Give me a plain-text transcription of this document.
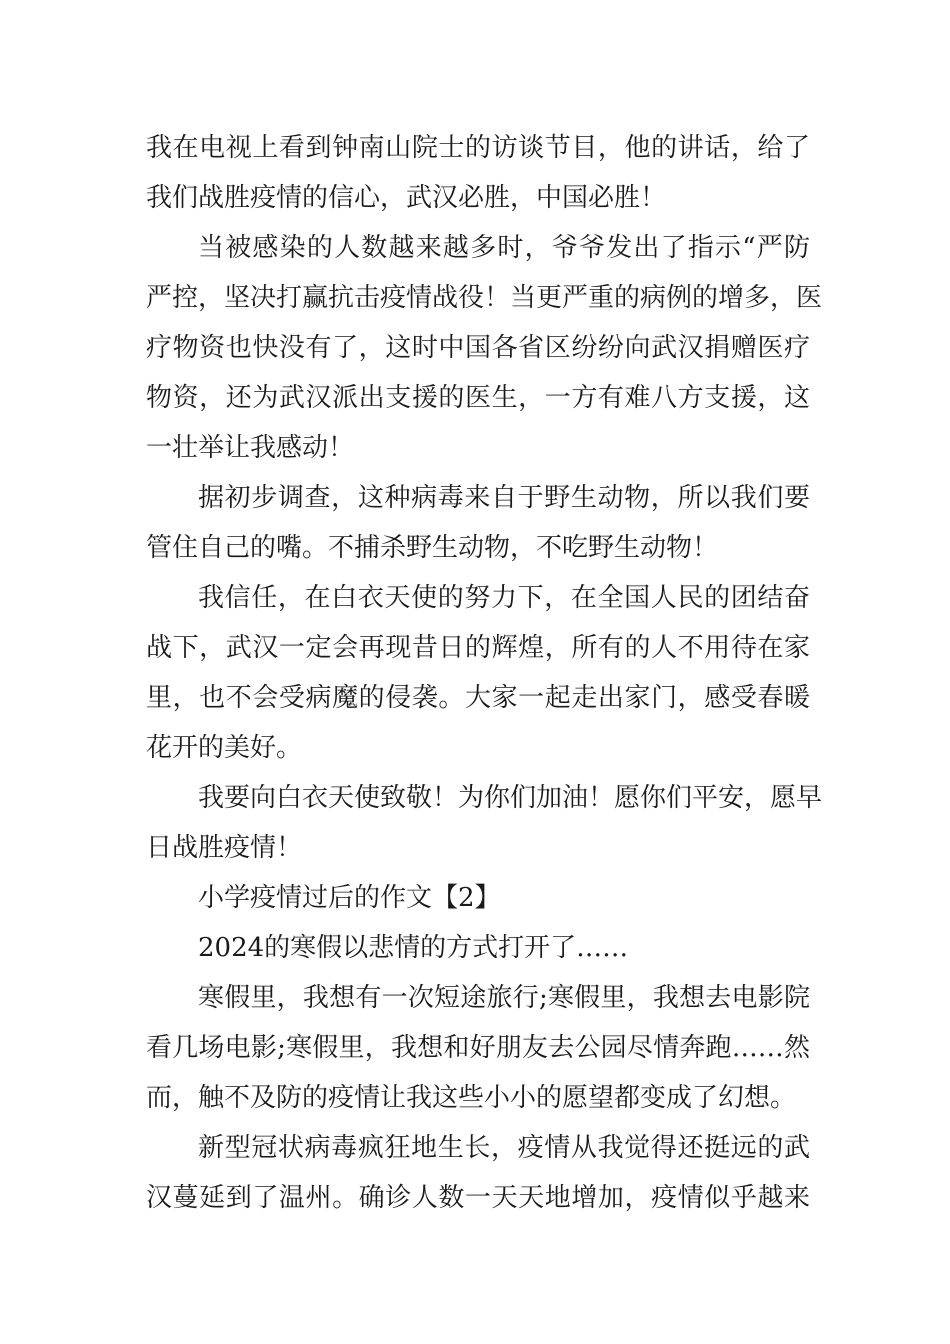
我在电视上看到钟南山院士的访谈节目，他的讲话，给了
我们战胜疫情的信心，武汉必胜，中国必胜！

当被感染的人数越来越多时，爷爷发出了指示“严防
严控，坚决打赢抗击疫情战役！当更严重的病例的增多，医
疗物资也快没有了，这时中国各省区纷纷向武汉捐赠医疗
物资，还为武汉派出支援的医生，一方有难八方支援，这
一壮举让我感动！

据初步调查，这种病毒来自于野生动物，所以我们要
管住自己的嘴。不捕杀野生动物，不吃野生动物！

我信任，在白衣天使的努力下，在全国人民的团结奋
战下，武汉一定会再现昔日的辉煌，所有的人不用待在家
里，也不会受病魔的侵袭。大家一起走出家门，感受春暖
花开的美好。

我要向白衣天使致敬！为你们加油！愿你们平安，愿早
日战胜疫情！

小学疫情过后的作文【2】

2024的寒假以悲情的方式打开了……

寒假里，我想有一次短途旅行;寒假里，我想去电影院
看几场电影;寒假里，我想和好朋友去公园尽情奔跑……然
而，触不及防的疫情让我这些小小的愿望都变成了幻想。

新型冠状病毒疯狂地生长，疫情从我觉得还挺远的武
汉蔓延到了温州。确诊人数一天天地增加，疫情似乎越来
